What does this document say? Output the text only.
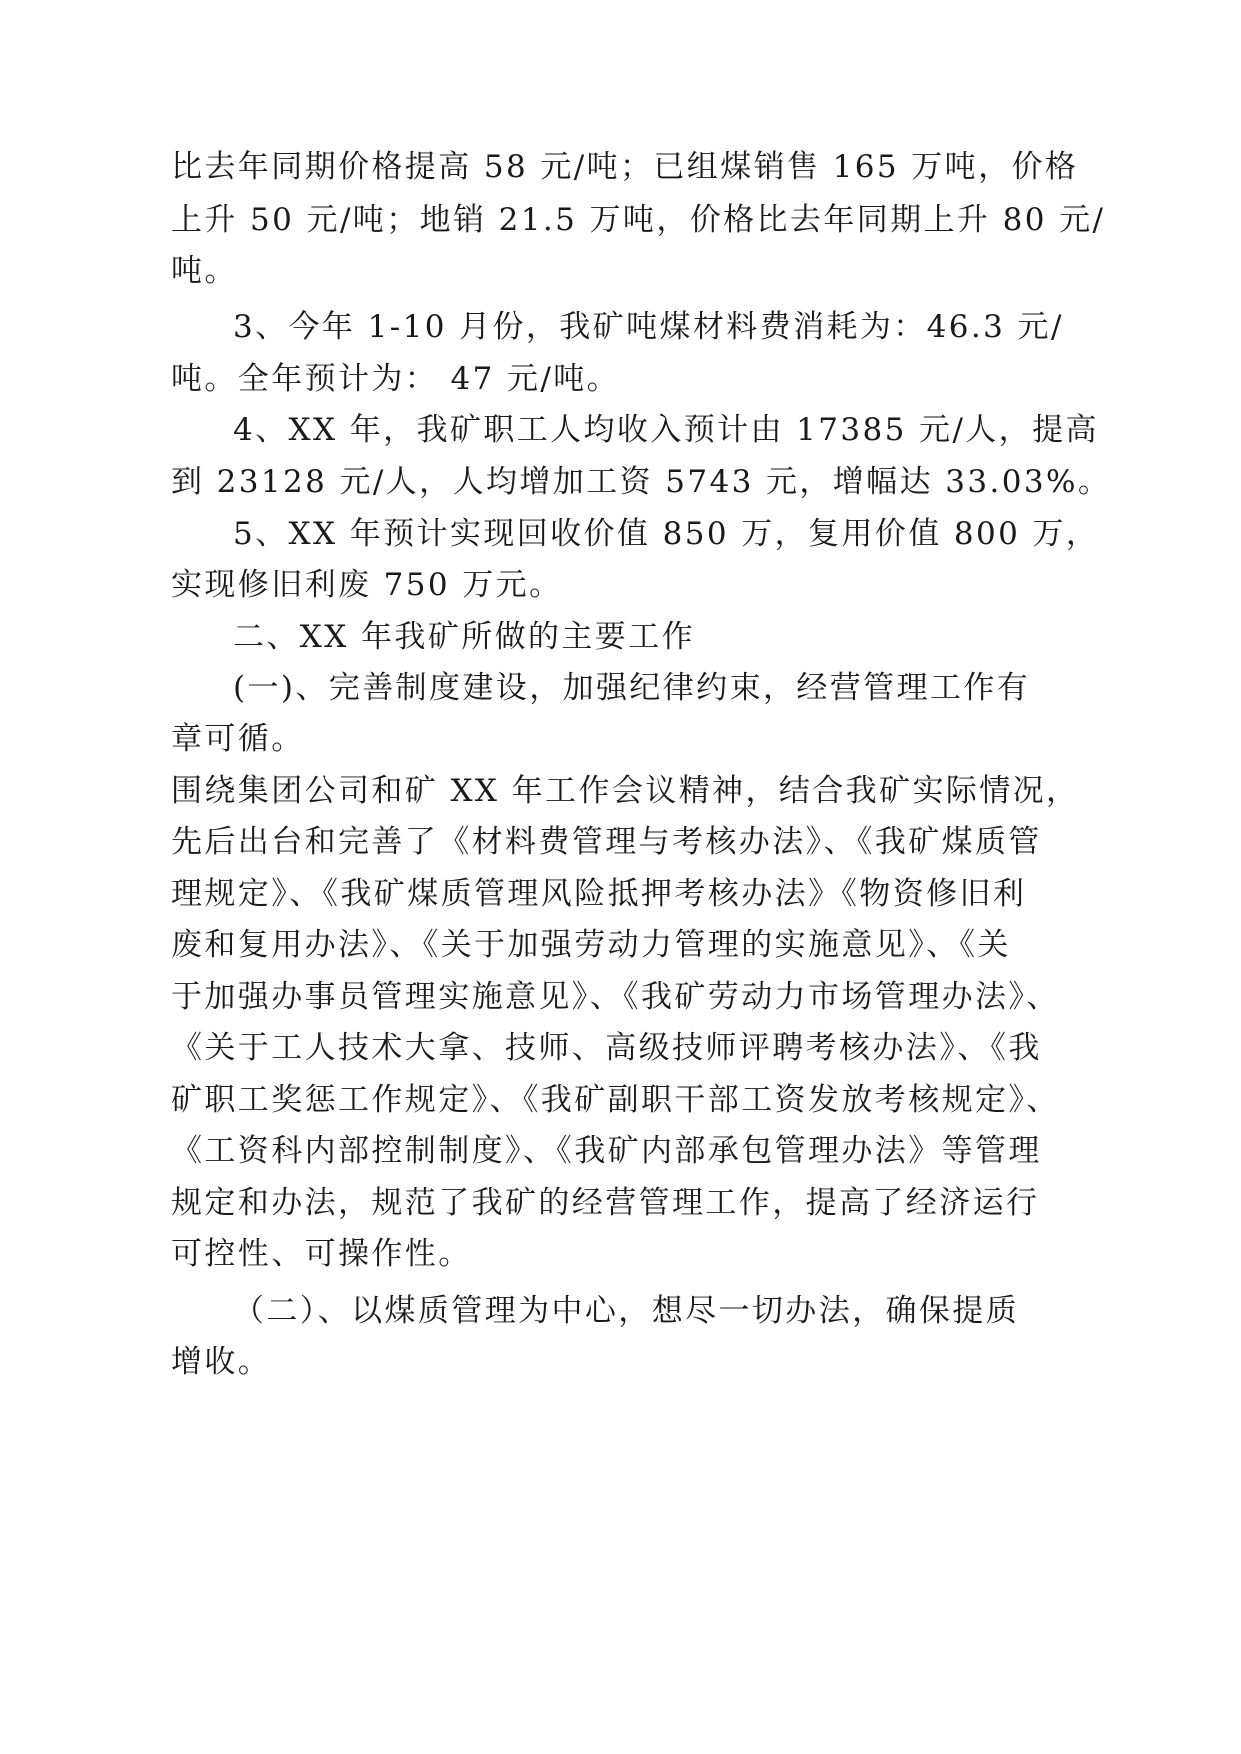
比去年同期价格提高 58 元/吨；已组煤销售 165 万吨，价格
上升 50 元/吨；地销 21.5 万吨，价格比去年同期上升 80 元/
吨。
3、今年 1-10 月份，我矿吨煤材料费消耗为：46.3 元/
吨。全年预计为： 47 元/吨。
4、XX 年，我矿职工人均收入预计由 17385 元/人，提高
到 23128 元/人，人均增加工资 5743 元，增幅达 33.03%。
5、XX 年预计实现回收价值 850 万，复用价值 800 万，
实现修旧利废 750 万元。
二、XX 年我矿所做的主要工作
(一)、完善制度建设，加强纪律约束，经营管理工作有
章可循。
围绕集团公司和矿 XX 年工作会议精神，结合我矿实际情况，
先后出台和完善了《材料费管理与考核办法》、《我矿煤质管
理规定》、《我矿煤质管理风险抵押考核办法》《物资修旧利
废和复用办法》、《关于加强劳动力管理的实施意见》、《关
于加强办事员管理实施意见》、《我矿劳动力市场管理办法》、
《关于工人技术大拿、技师、高级技师评聘考核办法》、《我
矿职工奖惩工作规定》、《我矿副职干部工资发放考核规定》、
《工资科内部控制制度》、《我矿内部承包管理办法》等管理
规定和办法，规范了我矿的经营管理工作，提高了经济运行
可控性、可操作性。
（二）、以煤质管理为中心，想尽一切办法，确保提质
增收。
